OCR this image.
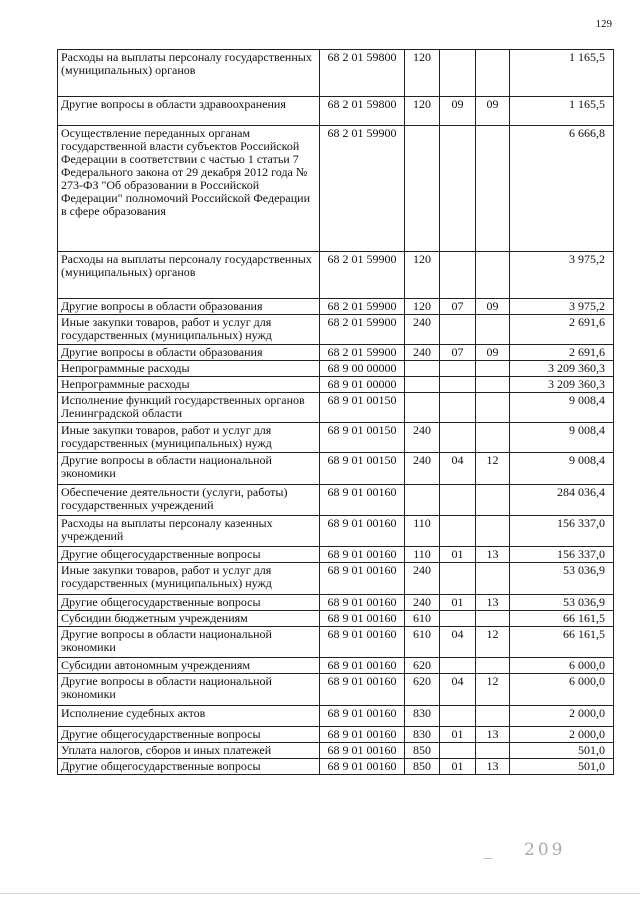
129
Расходы на выплаты персоналу государственных (муниципальных) органов	68 2 01 59800	120			1 165,5
Другие вопросы в области здравоохранения	68 2 01 59800	120	09	09	1 165,5
Осуществление переданных органам государственной власти субъектов Российской Федерации в соответствии с частью 1 статьи 7 Федерального закона от 29 декабря 2012 года № 273-ФЗ "Об образовании в Российской Федерации" полномочий Российской Федерации в сфере образования	68 2 01 59900				6 666,8
Расходы на выплаты персоналу государственных (муниципальных) органов	68 2 01 59900	120			3 975,2
Другие вопросы в области образования	68 2 01 59900	120	07	09	3 975,2
Иные закупки товаров, работ и услуг для государственных (муниципальных) нужд	68 2 01 59900	240			2 691,6
Другие вопросы в области образования	68 2 01 59900	240	07	09	2 691,6
Непрограммные расходы	68 9 00 00000				3 209 360,3
Непрограммные расходы	68 9 01 00000				3 209 360,3
Исполнение функций государственных органов Ленинградской области	68 9 01 00150				9 008,4
Иные закупки товаров, работ и услуг для государственных (муниципальных) нужд	68 9 01 00150	240			9 008,4
Другие вопросы в области национальной экономики	68 9 01 00150	240	04	12	9 008,4
Обеспечение деятельности (услуги, работы) государственных учреждений	68 9 01 00160				284 036,4
Расходы на выплаты персоналу казенных учреждений	68 9 01 00160	110			156 337,0
Другие общегосударственные вопросы	68 9 01 00160	110	01	13	156 337,0
Иные закупки товаров, работ и услуг для государственных (муниципальных) нужд	68 9 01 00160	240			53 036,9
Другие общегосударственные вопросы	68 9 01 00160	240	01	13	53 036,9
Субсидии бюджетным учреждениям	68 9 01 00160	610			66 161,5
Другие вопросы в области национальной экономики	68 9 01 00160	610	04	12	66 161,5
Субсидии автономным учреждениям	68 9 01 00160	620			6 000,0
Другие вопросы в области национальной экономики	68 9 01 00160	620	04	12	6 000,0
Исполнение судебных актов	68 9 01 00160	830			2 000,0
Другие общегосударственные вопросы	68 9 01 00160	830	01	13	2 000,0
Уплата налогов, сборов и иных платежей	68 9 01 00160	850			501,0
Другие общегосударственные вопросы	68 9 01 00160	850	01	13	501,0
209
